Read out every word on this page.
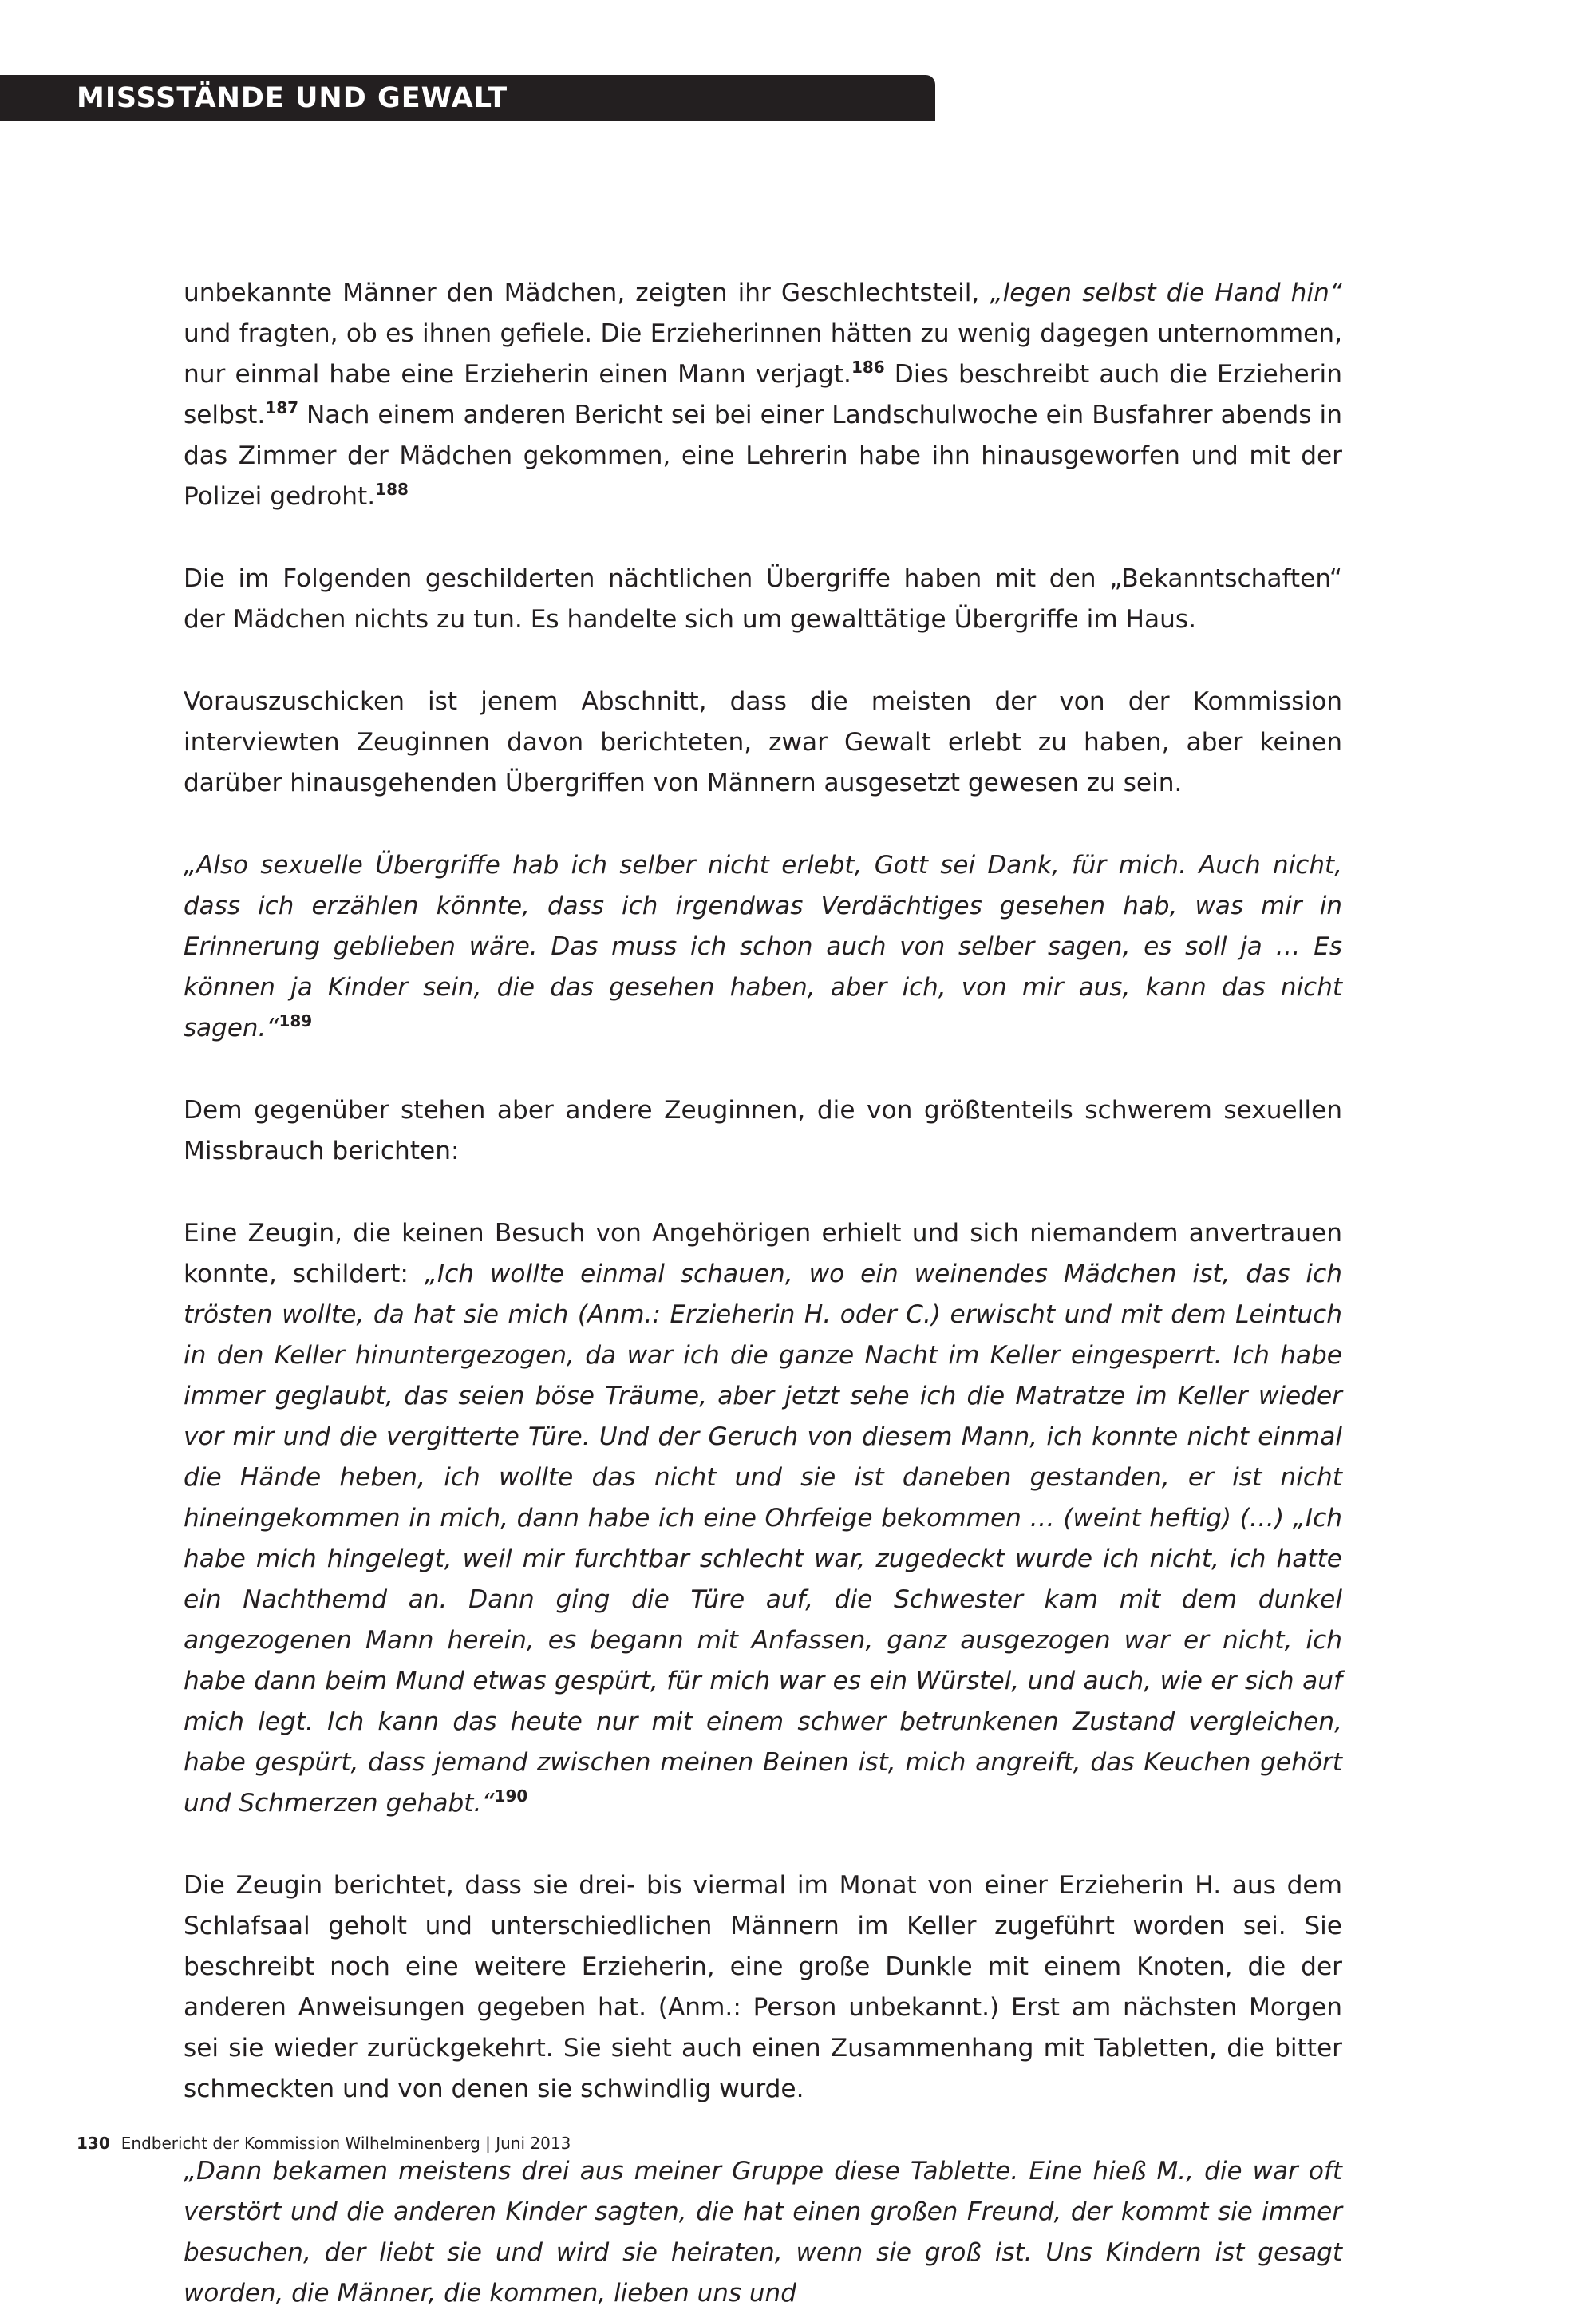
MISSSTÄNDE UND GEWALT

unbekannte Männer den Mädchen, zeigten ihr Geschlechtsteil, „legen selbst die Hand hin“ und fragten, ob es ihnen gefiele. Die Erzieherinnen hätten zu wenig dagegen unternommen, nur einmal habe eine Erzieherin einen Mann verjagt.$^{186}$ Dies beschreibt auch die Erzieherin selbst.$^{187}$ Nach einem anderen Bericht sei bei einer Landschulwoche ein Busfahrer abends in das Zimmer der Mädchen gekommen, eine Lehrerin habe ihn hinausgeworfen und mit der Polizei gedroht.$^{188}$

Die im Folgenden geschilderten nächtlichen Übergriffe haben mit den „Bekanntschaften“ der Mädchen nichts zu tun. Es handelte sich um gewalttätige Übergriffe im Haus.

Vorauszuschicken ist jenem Abschnitt, dass die meisten der von der Kommission interviewten Zeuginnen davon berichteten, zwar Gewalt erlebt zu haben, aber keinen darüber hinausgehenden Übergriffen von Männern ausgesetzt gewesen zu sein.

„Also sexuelle Übergriffe hab ich selber nicht erlebt, Gott sei Dank, für mich. Auch nicht, dass ich erzählen könnte, dass ich irgendwas Verdächtiges gesehen hab, was mir in Erinnerung geblieben wäre. Das muss ich schon auch von selber sagen, es soll ja … Es können ja Kinder sein, die das gesehen haben, aber ich, von mir aus, kann das nicht sagen.“$^{189}$

Dem gegenüber stehen aber andere Zeuginnen, die von größtenteils schwerem sexuellen Missbrauch berichten:

Eine Zeugin, die keinen Besuch von Angehörigen erhielt und sich niemandem anvertrauen konnte, schildert: „Ich wollte einmal schauen, wo ein weinendes Mädchen ist, das ich trösten wollte, da hat sie mich (Anm.: Erzieherin H. oder C.) erwischt und mit dem Leintuch in den Keller hinuntergezogen, da war ich die ganze Nacht im Keller eingesperrt. Ich habe immer geglaubt, das seien böse Träume, aber jetzt sehe ich die Matratze im Keller wieder vor mir und die vergitterte Türe. Und der Geruch von diesem Mann, ich konnte nicht einmal die Hände heben, ich wollte das nicht und sie ist daneben gestanden, er ist nicht hineingekommen in mich, dann habe ich eine Ohrfeige bekommen … (weint heftig) (…) „Ich habe mich hingelegt, weil mir furchtbar schlecht war, zugedeckt wurde ich nicht, ich hatte ein Nachthemd an. Dann ging die Türe auf, die Schwester kam mit dem dunkel angezogenen Mann herein, es begann mit Anfassen, ganz ausgezogen war er nicht, ich habe dann beim Mund etwas gespürt, für mich war es ein Würstel, und auch, wie er sich auf mich legt. Ich kann das heute nur mit einem schwer betrunkenen Zustand vergleichen, habe gespürt, dass jemand zwischen meinen Beinen ist, mich angreift, das Keuchen gehört und Schmerzen gehabt.“$^{190}$

Die Zeugin berichtet, dass sie drei- bis viermal im Monat von einer Erzieherin H. aus dem Schlafsaal geholt und unterschiedlichen Männern im Keller zugeführt worden sei. Sie beschreibt noch eine weitere Erzieherin, eine große Dunkle mit einem Knoten, die der anderen Anweisungen gegeben hat. (Anm.: Person unbekannt.) Erst am nächsten Morgen sei sie wieder zurückgekehrt. Sie sieht auch einen Zusammenhang mit Tabletten, die bitter schmeckten und von denen sie schwindlig wurde.

„Dann bekamen meistens drei aus meiner Gruppe diese Tablette. Eine hieß M., die war oft verstört und die anderen Kinder sagten, die hat einen großen Freund, der kommt sie immer besuchen, der liebt sie und wird sie heiraten, wenn sie groß ist. Uns Kindern ist gesagt worden, die Männer, die kommen, lieben uns und

130 Endbericht der Kommission Wilhelminenberg | Juni 2013
